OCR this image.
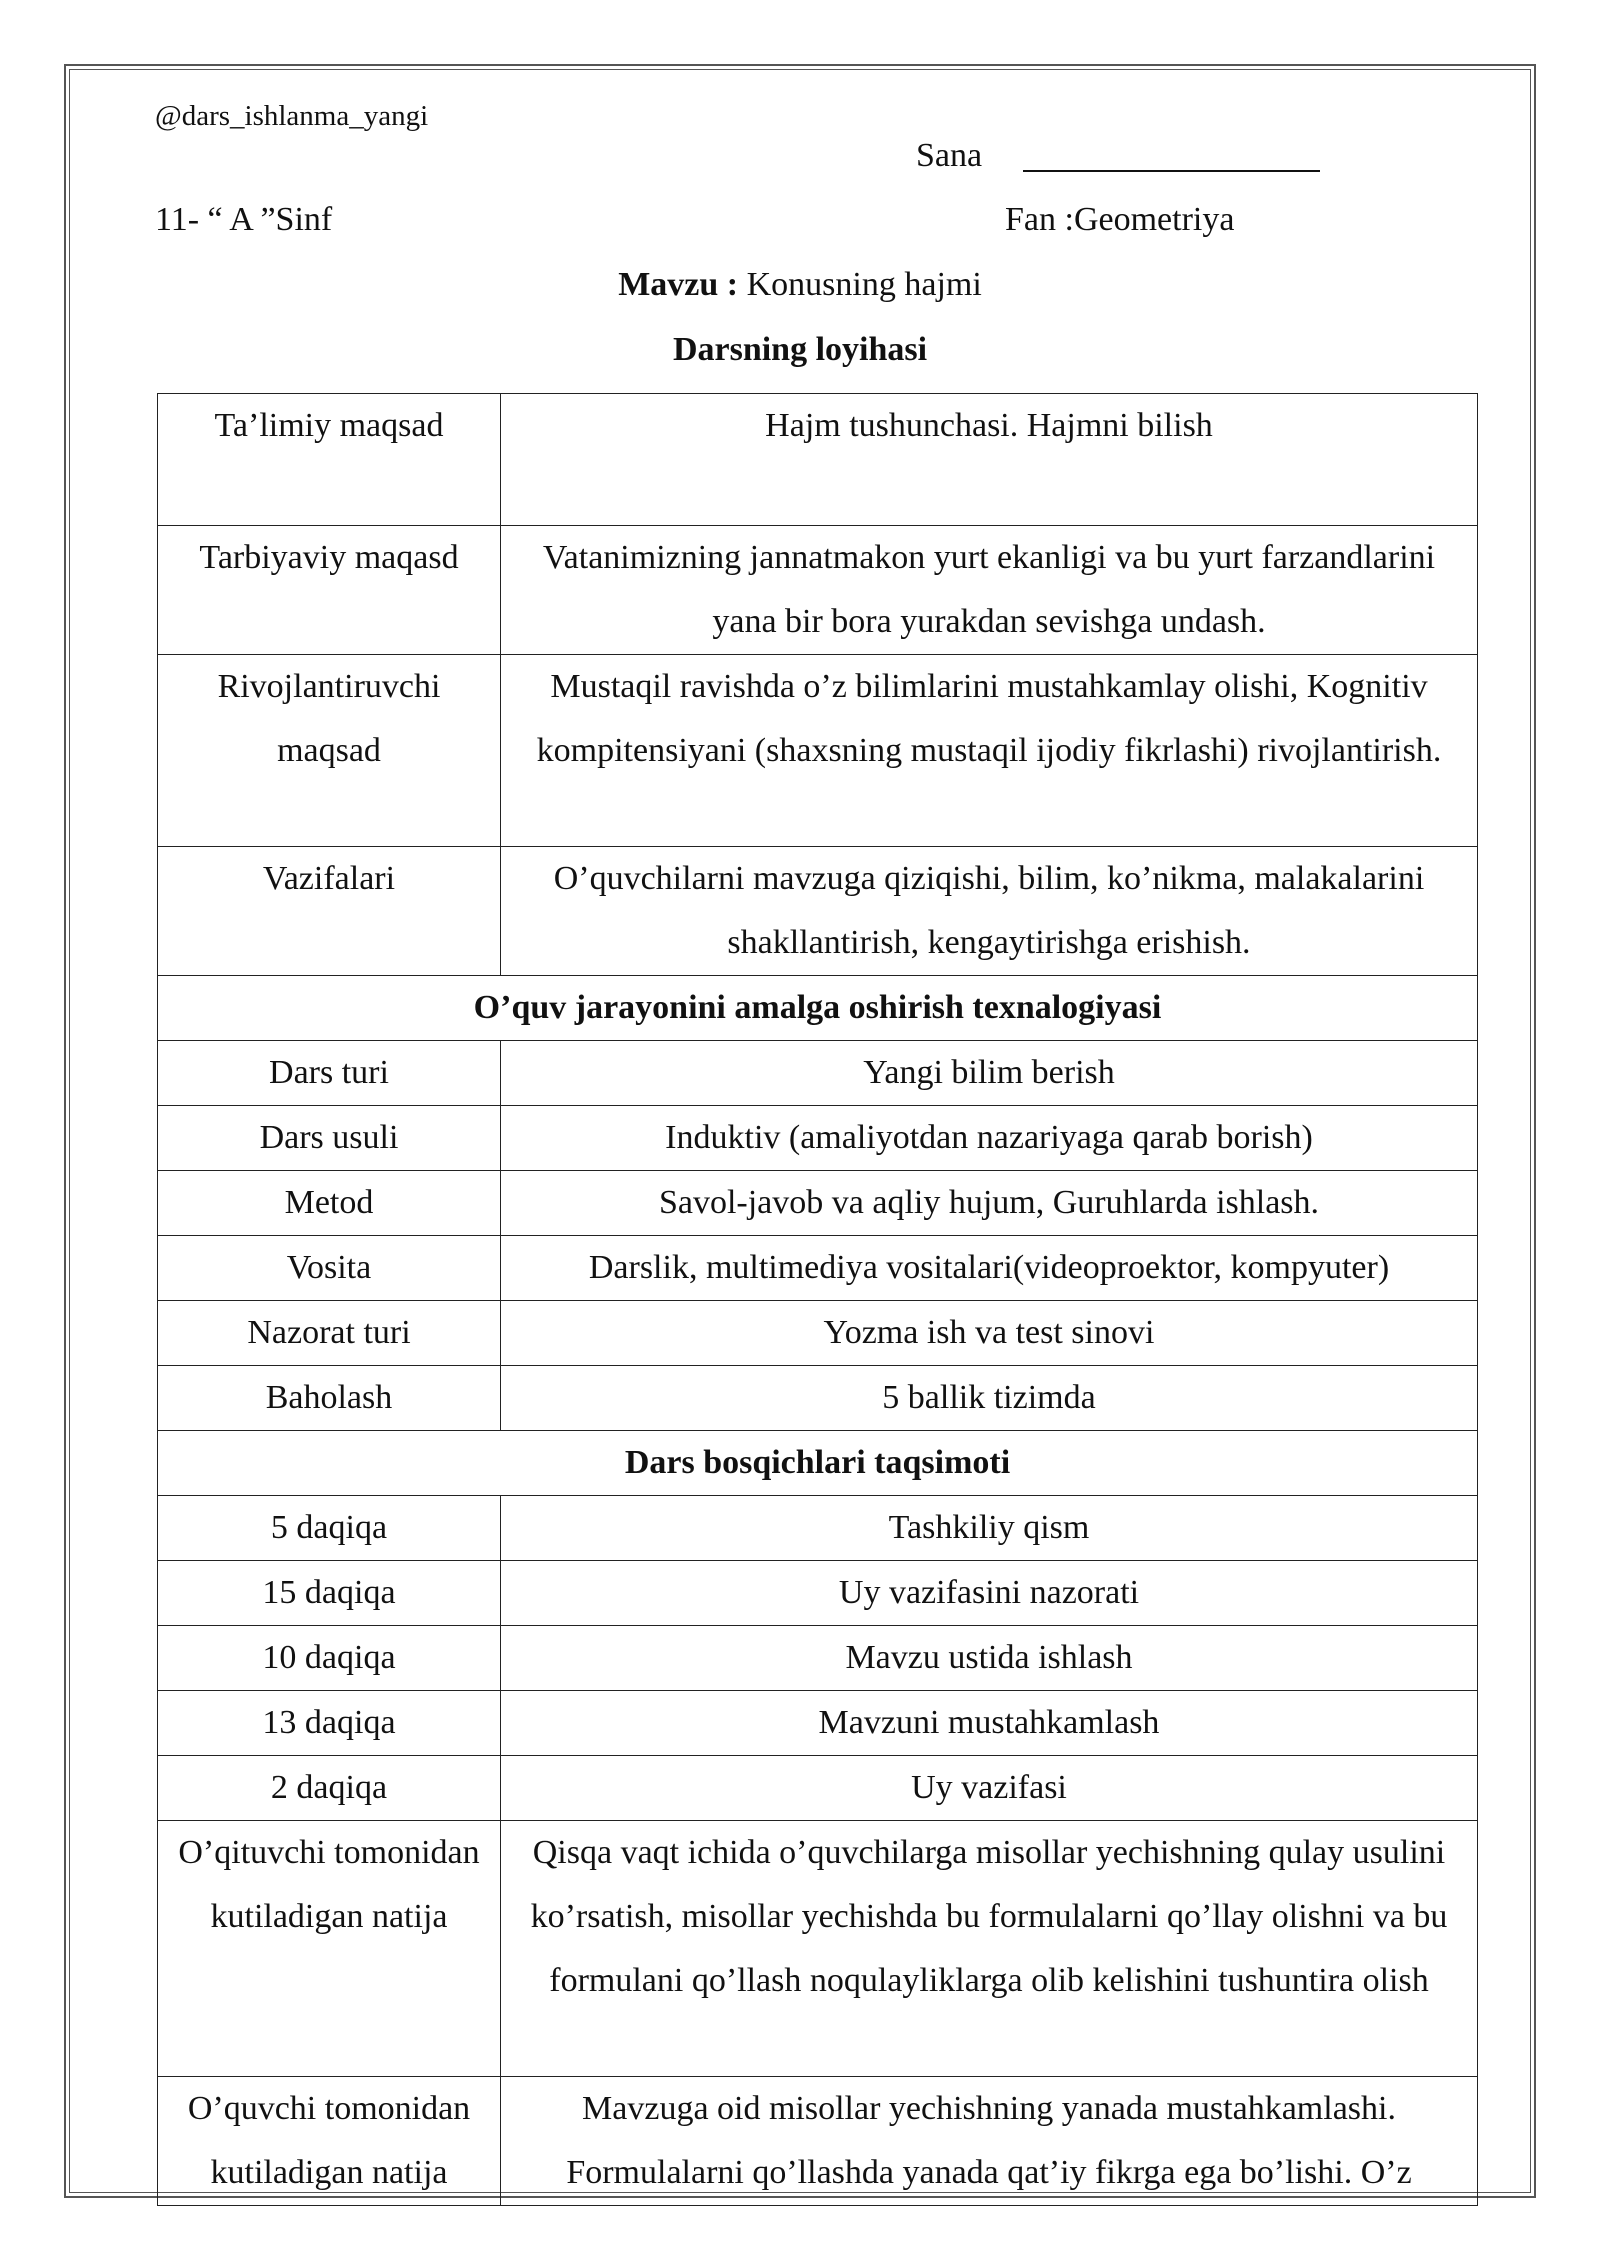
@dars_ishlanma_yangi
Sana
11- “ A ”Sinf	Fan :Geometriya
Mavzu : Konusning hajmi
Darsning loyihasi
Ta’limiy maqsad	Hajm tushunchasi. Hajmni bilish
Tarbiyaviy maqasd	Vatanimizning jannatmakon yurt ekanligi va bu yurt farzandlarini yana bir bora yurakdan sevishga undash.
Rivojlantiruvchi maqsad	Mustaqil ravishda o’z bilimlarini mustahkamlay olishi, Kognitiv kompitensiyani (shaxsning mustaqil ijodiy fikrlashi) rivojlantirish.
Vazifalari	O’quvchilarni mavzuga qiziqishi, bilim, ko’nikma, malakalarini shakllantirish, kengaytirishga erishish.
O’quv jarayonini amalga oshirish texnalogiyasi	
Dars turi	Yangi bilim berish
Dars usuli	Induktiv (amaliyotdan nazariyaga qarab borish)
Metod	Savol-javob va aqliy hujum, Guruhlarda ishlash.
Vosita	Darslik, multimediya vositalari(videoproektor, kompyuter)
Nazorat turi	Yozma ish va test sinovi
Baholash	5 ballik tizimda
Dars bosqichlari taqsimoti	
5 daqiqa	Tashkiliy qism
15 daqiqa	Uy vazifasini nazorati
10 daqiqa	Mavzu ustida ishlash
13 daqiqa	Mavzuni mustahkamlash
2 daqiqa	Uy vazifasi
O’qituvchi tomonidan kutiladigan natija	Qisqa vaqt ichida o’quvchilarga misollar yechishning qulay usulini ko’rsatish, misollar yechishda bu formulalarni qo’llay olishni va bu formulani qo’llash noqulayliklarga olib kelishini tushuntira olish
O’quvchi tomonidan kutiladigan natija	Mavzuga oid misollar yechishning yanada mustahkamlashi. Formulalarni qo’llashda yanada qat’iy fikrga ega bo’lishi. O’z
